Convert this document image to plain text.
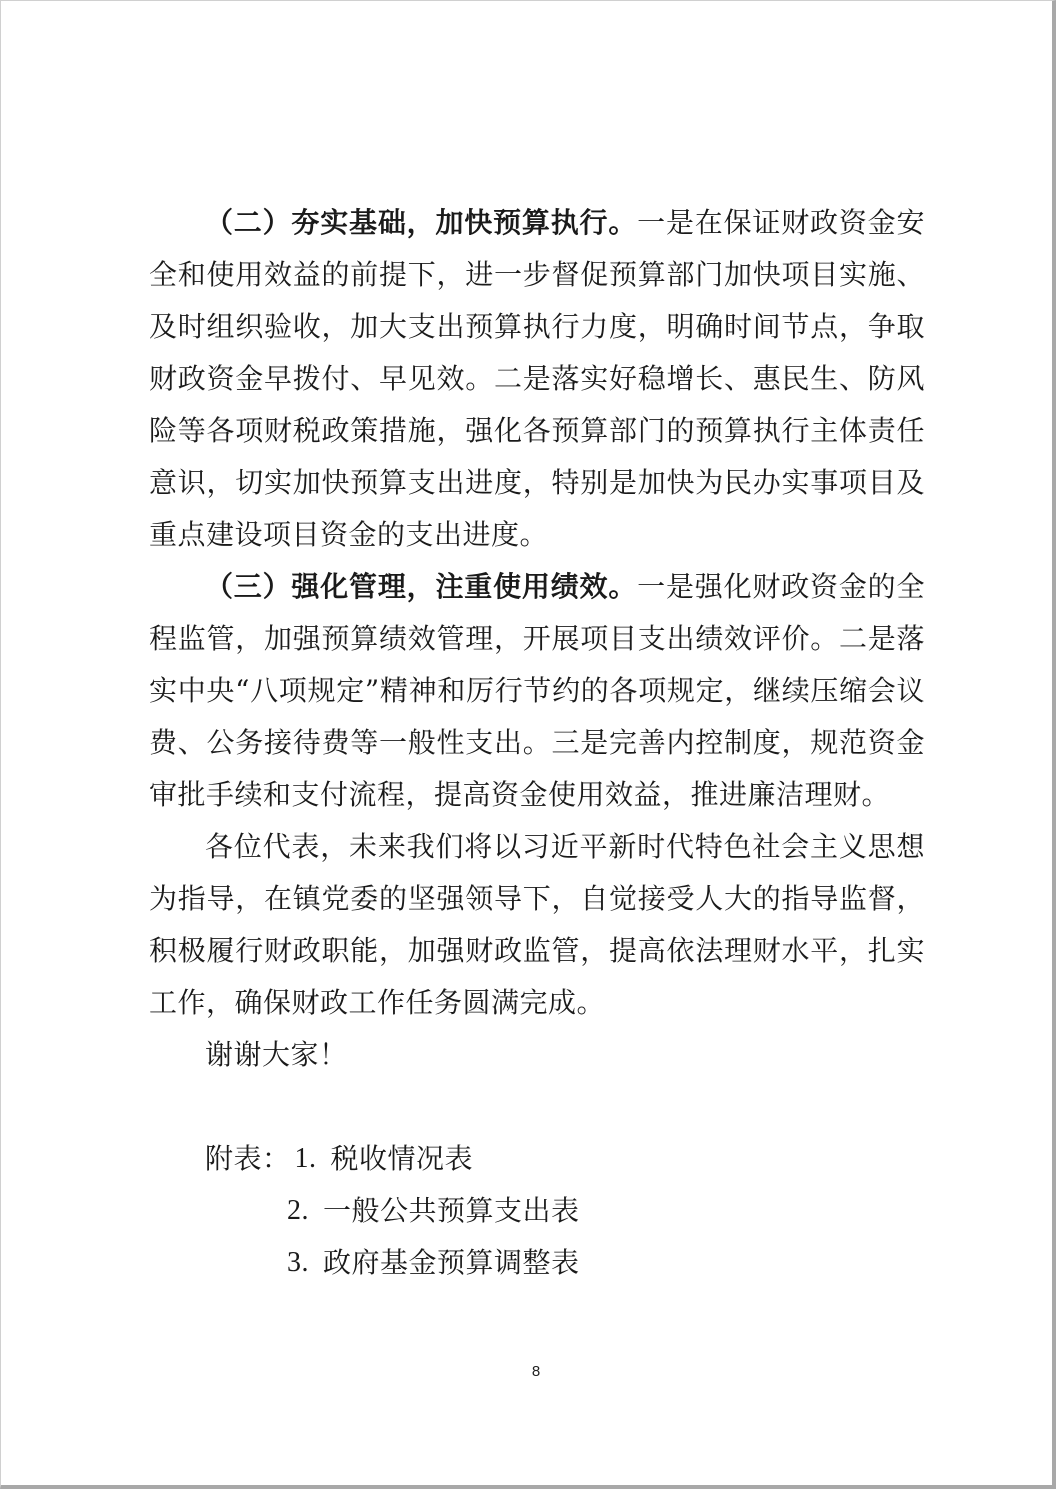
（二）夯实基础，加快预算执行。一是在保证财政资金安全和使用效益的前提下，进一步督促预算部门加快项目实施、及时组织验收，加大支出预算执行力度，明确时间节点，争取财政资金早拨付、早见效。二是落实好稳增长、惠民生、防风险等各项财税政策措施，强化各预算部门的预算执行主体责任意识，切实加快预算支出进度，特别是加快为民办实事项目及重点建设项目资金的支出进度。

（三）强化管理，注重使用绩效。一是强化财政资金的全程监管，加强预算绩效管理，开展项目支出绩效评价。二是落实中央“八项规定”精神和厉行节约的各项规定，继续压缩会议费、公务接待费等一般性支出。三是完善内控制度，规范资金审批手续和支付流程，提高资金使用效益，推进廉洁理财。

各位代表，未来我们将以习近平新时代特色社会主义思想为指导，在镇党委的坚强领导下，自觉接受人大的指导监督，积极履行财政职能，加强财政监管，提高依法理财水平，扎实工作，确保财政工作任务圆满完成。

谢谢大家！

附表： 1. 税收情况表
2. 一般公共预算支出表
3. 政府基金预算调整表
8
